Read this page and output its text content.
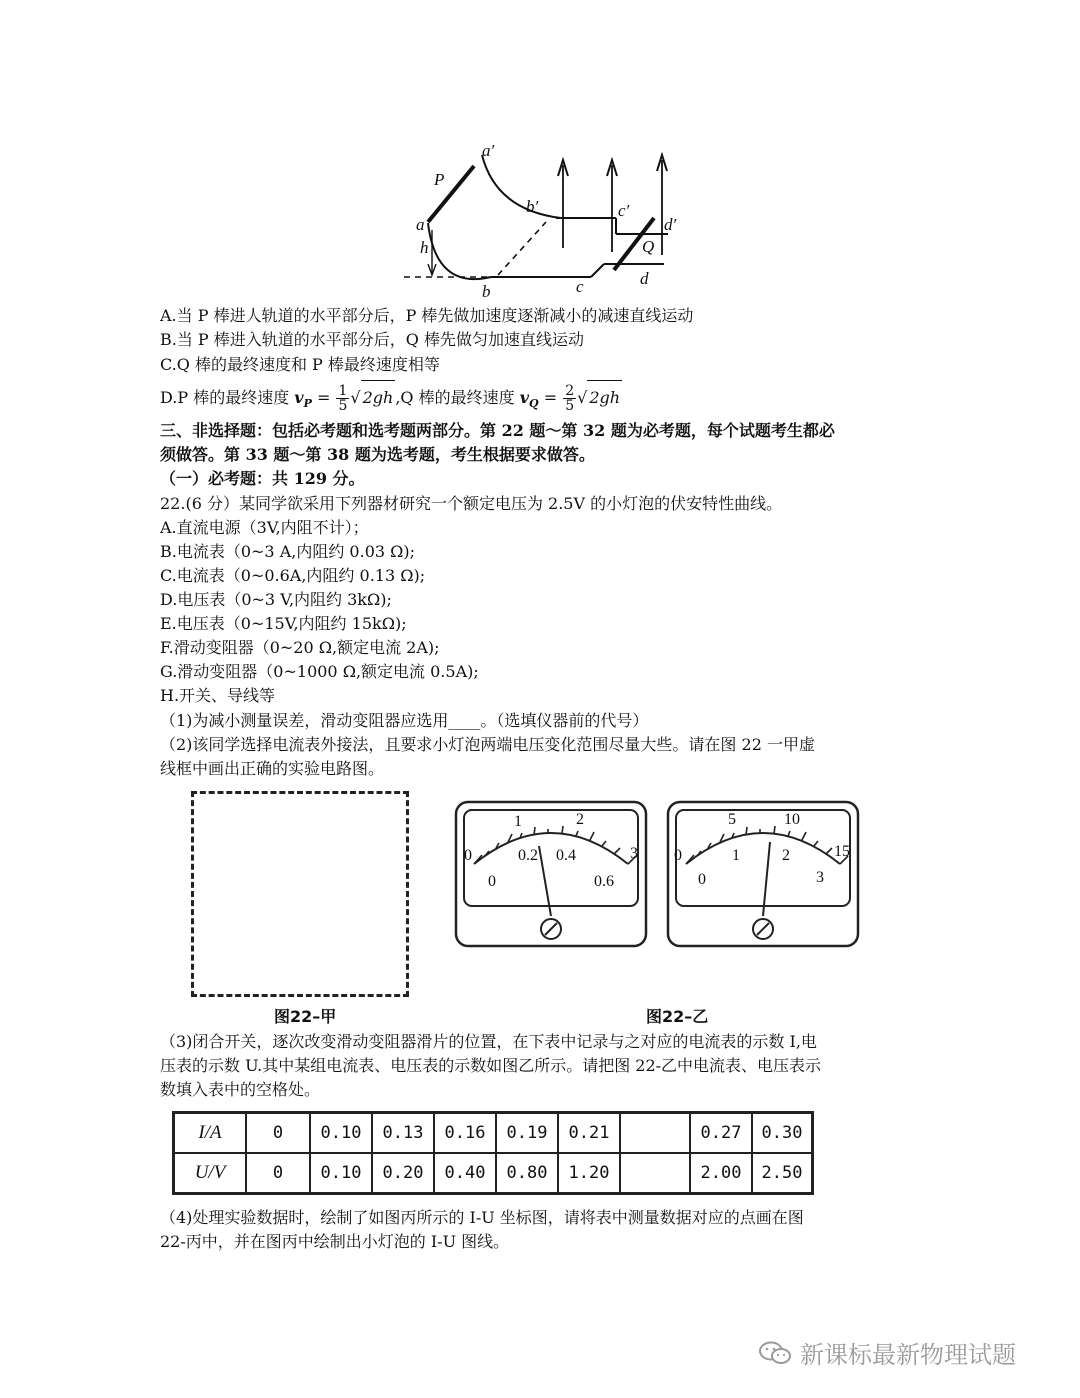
P
a′
a
h
b
b′
c
c′
d
d′
Q
A.当 P 棒进人轨道的水平部分后，P 棒先做加速度逐渐减小的减速直线运动
B.当 P 棒进入轨道的水平部分后，Q 棒先做匀加速直线运动
C.Q 棒的最终速度和 P 棒最终速度相等
D.P 棒的最终速度 $v_P = \frac{1}{5}$ √ 2gh ,Q 棒的最终速度 $v_Q = \frac{2}{5}$ √ 2gh
三、非选择题：包括必考题和选考题两部分。第 22 题～第 32 题为必考题，每个试题考生都必
须做答。第 33 题～第 38 题为选考题，考生根据要求做答。
（一）必考题：共 129 分。
22.(6 分）某同学欲采用下列器材研究一个额定电压为 2.5V 的小灯泡的伏安特性曲线。
A.直流电源（3V,内阻不计）；
B.电流表（0~3 A,内阻约 0.03 Ω);
C.电流表（0~0.6A,内阻约 0.13 Ω);
D.电压表（0~3 V,内阻约 3kΩ);
E.电压表（0~15V,内阻约 15kΩ);
F.滑动变阻器（0~20 Ω,额定电流 2A);
G.滑动变阻器（0~1000 Ω,额定电流 0.5A);
H.开关、导线等
（1)为减小测量误差，滑动变阻器应选用____。（选填仪器前的代号）
（2)该同学选择电流表外接法，且要求小灯泡两端电压变化范围尽量大些。请在图 22 一甲虚
线框中画出正确的实验电路图。
图22–甲
0
1	2
3
0
0.2 0.4
0.6
0
5	10
15
0
1	2
3
图22–乙
（3)闭合开关，逐次改变滑动变阻器滑片的位置，在下表中记录与之对应的电流表的示数 I,电
压表的示数 U.其中某组电流表、电压表的示数如图乙所示。请把图 22-乙中电流表、电压表示
数填入表中的空格处。
I/A	0	0.10	0.13	0.16	0.19	0.21		0.27	0.30
U/V	0	0.10	0.20	0.40	0.80	1.20		2.00	2.50
（4)处理实验数据时，绘制了如图丙所示的 I-U 坐标图，请将表中测量数据对应的点画在图
22-丙中，并在图丙中绘制出小灯泡的 I-U 图线。
新课标最新物理试题
